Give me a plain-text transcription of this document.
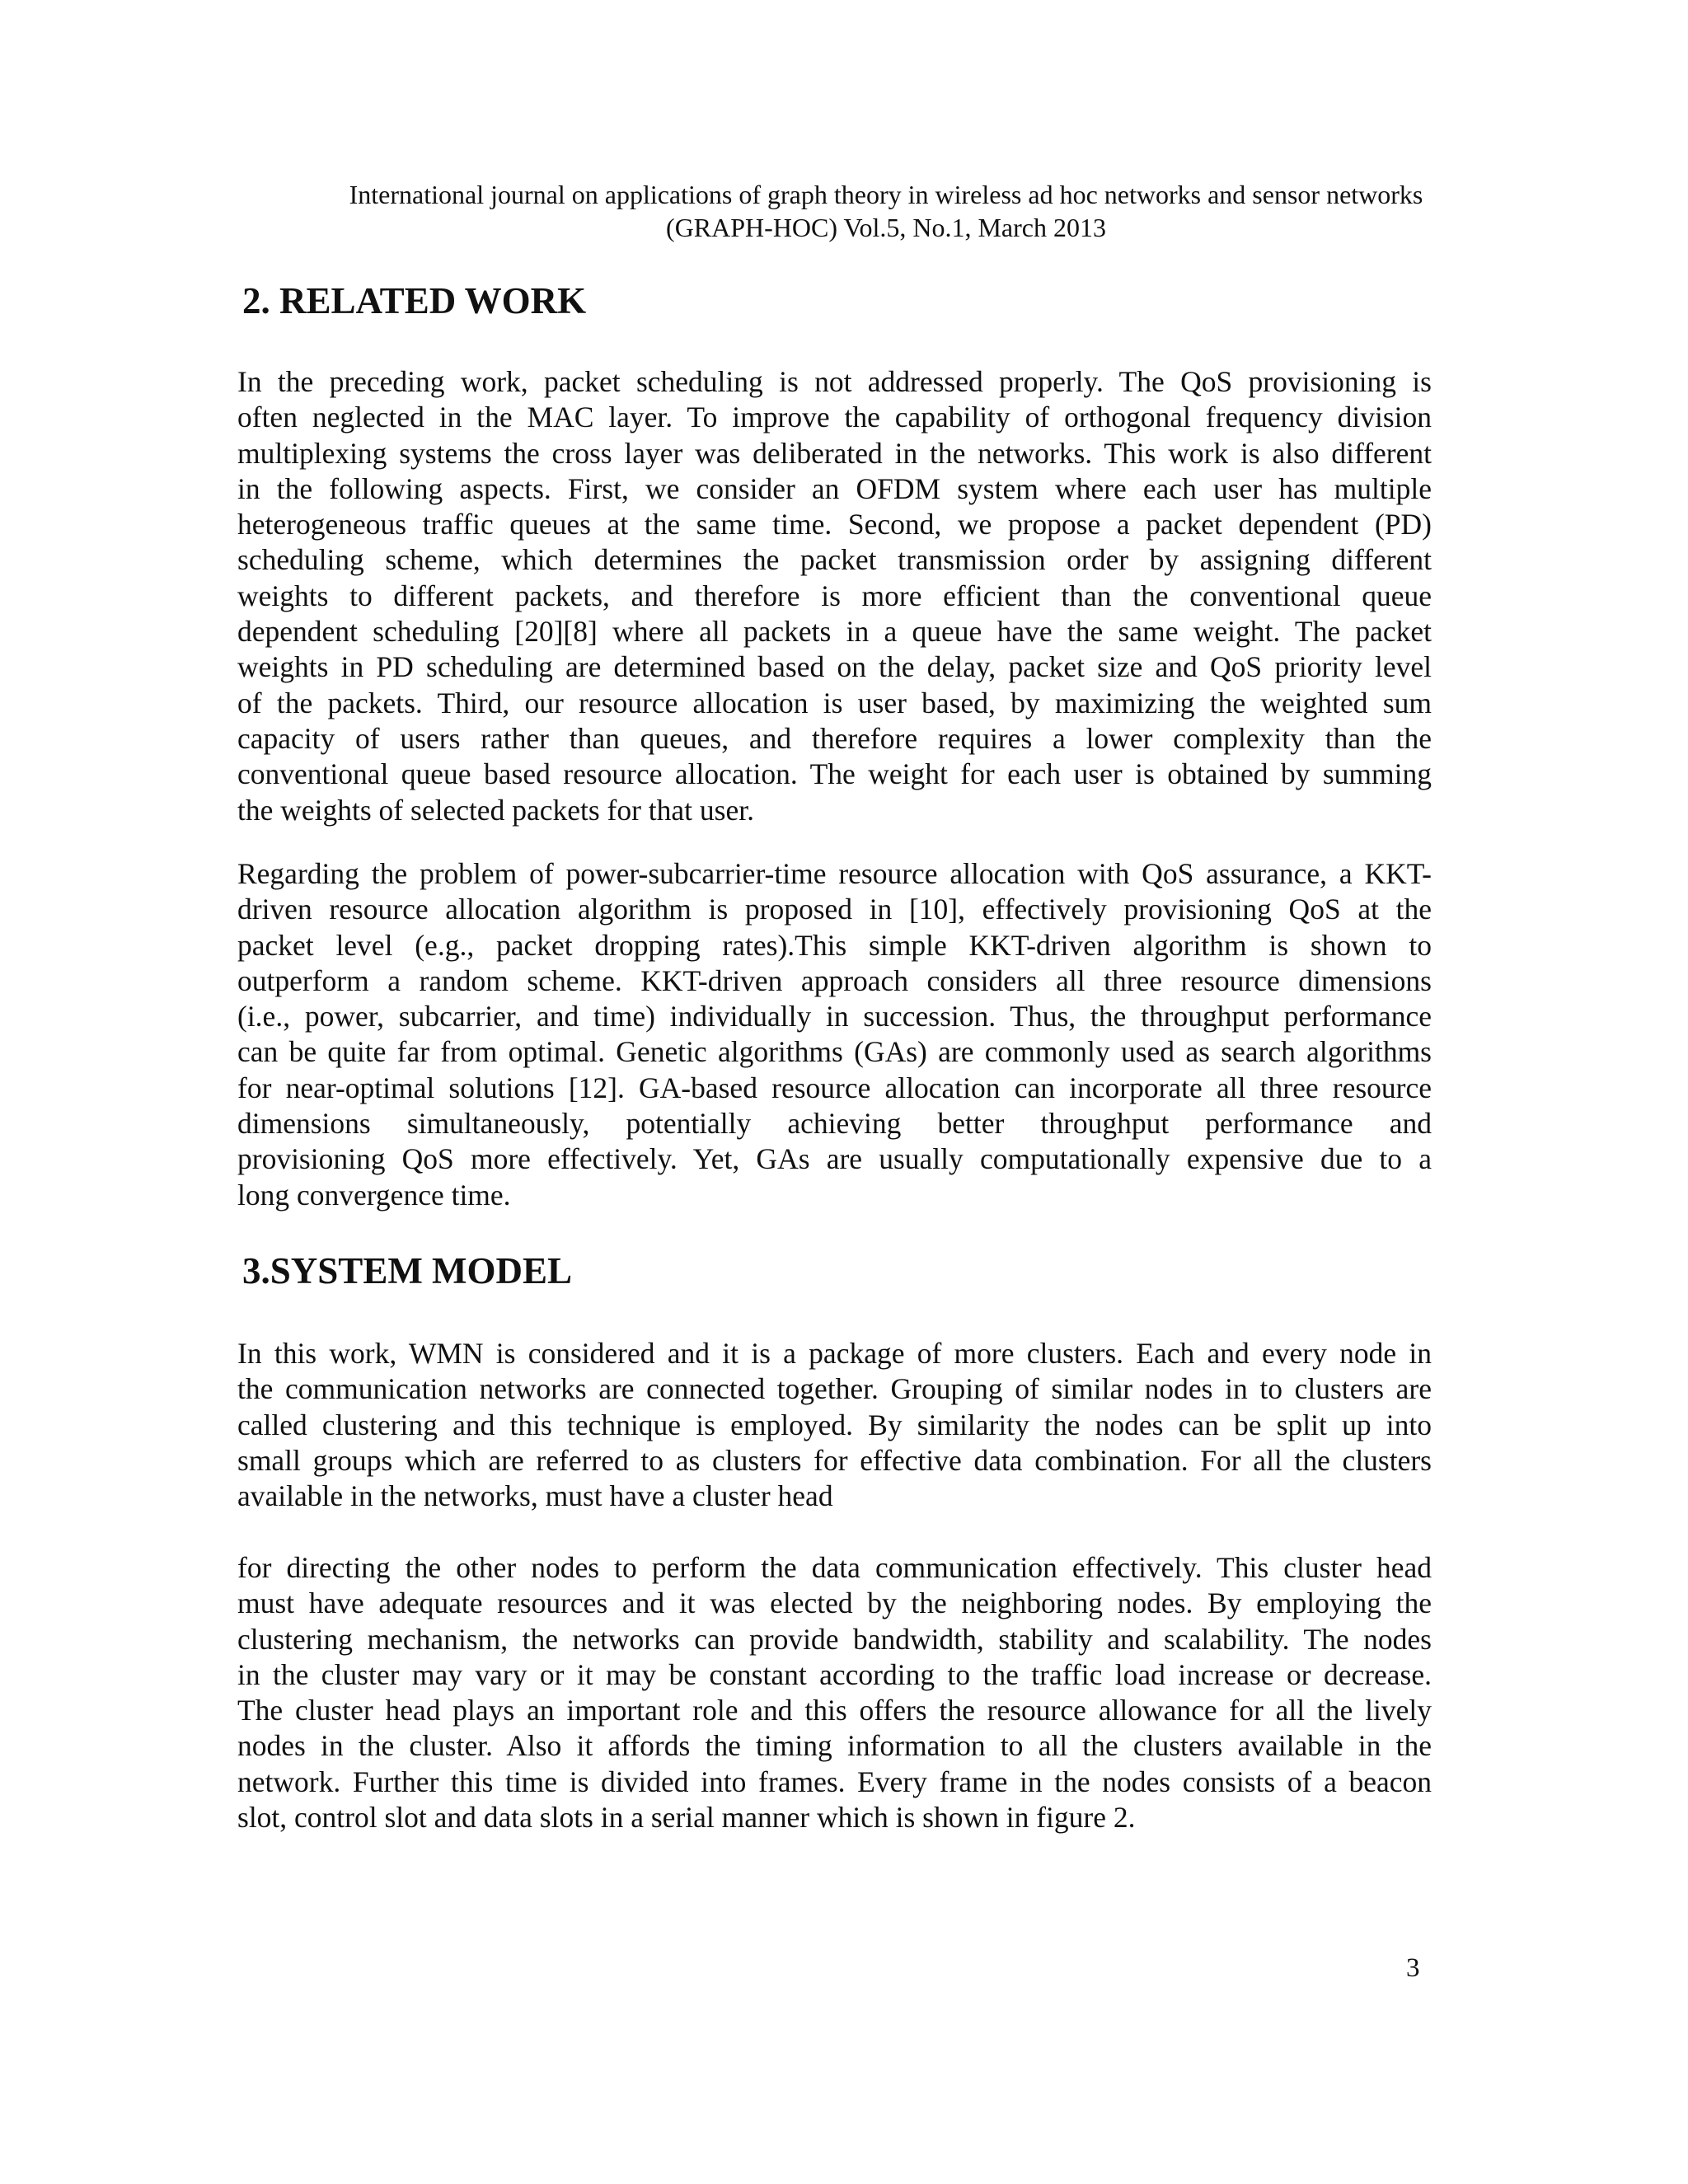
International journal on applications of graph theory in wireless ad hoc networks and sensor networks
(GRAPH-HOC) Vol.5, No.1, March 2013
2. RELATED WORK

In the preceding work, packet scheduling is not addressed properly. The QoS provisioning is
often neglected in the MAC layer. To improve the capability of orthogonal frequency division
multiplexing systems the cross layer was deliberated in the networks. This work is also different
in the following aspects. First, we consider an OFDM system where each user has multiple
heterogeneous traffic queues at the same time. Second, we propose a packet dependent (PD)
scheduling scheme, which determines the packet transmission order by assigning different
weights to different packets, and therefore is more efficient than the conventional queue
dependent scheduling [20][8] where all packets in a queue have the same weight. The packet
weights in PD scheduling are determined based on the delay, packet size and QoS priority level
of the packets. Third, our resource allocation is user based, by maximizing the weighted sum
capacity of users rather than queues, and therefore requires a lower complexity than the
conventional queue based resource allocation. The weight for each user is obtained by summing
the weights of selected packets for that user.

Regarding the problem of power-subcarrier-time resource allocation with QoS assurance, a KKT-
driven resource allocation algorithm is proposed in [10], effectively provisioning QoS at the
packet level (e.g., packet dropping rates).This simple KKT-driven algorithm is shown to
outperform a random scheme. KKT-driven approach considers all three resource dimensions
(i.e., power, subcarrier, and time) individually in succession. Thus, the throughput performance
can be quite far from optimal. Genetic algorithms (GAs) are commonly used as search algorithms
for near-optimal solutions [12]. GA-based resource allocation can incorporate all three resource
dimensions simultaneously, potentially achieving better throughput performance and
provisioning QoS more effectively. Yet, GAs are usually computationally expensive due to a
long convergence time.

3.SYSTEM MODEL

In this work, WMN is considered and it is a package of more clusters. Each and every node in
the communication networks are connected together. Grouping of similar nodes in to clusters are
called clustering and this technique is employed. By similarity the nodes can be split up into
small groups which are referred to as clusters for effective data combination. For all the clusters
available in the networks, must have a cluster head

for directing the other nodes to perform the data communication effectively. This cluster head
must have adequate resources and it was elected by the neighboring nodes. By employing the
clustering mechanism, the networks can provide bandwidth, stability and scalability. The nodes
in the cluster may vary or it may be constant according to the traffic load increase or decrease.
The cluster head plays an important role and this offers the resource allowance for all the lively
nodes in the cluster. Also it affords the timing information to all the clusters available in the
network. Further this time is divided into frames. Every frame in the nodes consists of a beacon
slot, control slot and data slots in a serial manner which is shown in figure 2.

3
